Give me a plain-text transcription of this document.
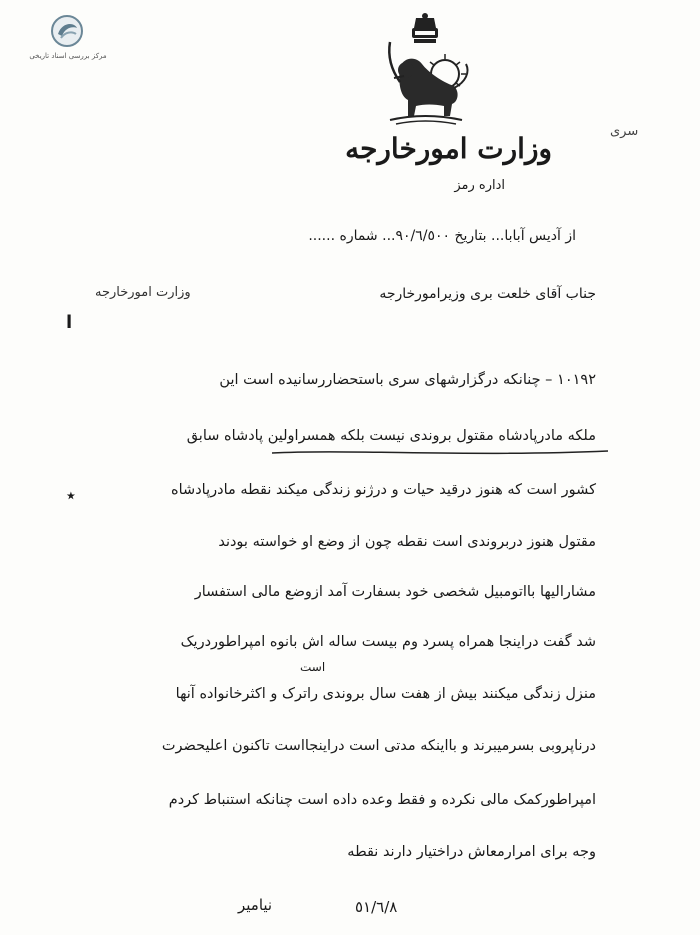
مرکز بررسی اسناد تاریخی
سری
وزارت امورخارجه
اداره رمز
از آدیس آبابا... بتاریخ ٩۰/٦/٥۰۰... شماره ......
وزارت امورخارجه	جناب آقای خلعت بری وزیرامورخارجه
ا
٭
١٠١٩٢ – چنانکه درگزارشهای سری باستحضاررسانیده است این
ملکه مادرپادشاه مقتول بروندی نیست بلکه همسراولین پادشاه سابق
کشور است که هنوز درقید حیات و درژنو زندگی میکند نقطه مادرپادشاه
مقتول هنوز دربروندی است نقطه چون از وضع او خواسته بودند
مشارالیها بااتومبیل شخصی خود بسفارت آمد ازوضع مالی استفسار
شد گفت دراینجا همراه پسرد وم بیست ساله اش بانوه امپراطوردریک
است
منزل زندگی میکنند بیش از هفت سال بروندی راترک و اکثرخانواده آنها
درناپروبی بسرمیبرند و بااینکه مدتی است دراینجااست تاکنون اعلیحضرت
امپراطورکمک مالی نکرده و فقط وعده داده است چنانکه استنباط کردم
وجه برای امرارمعاش دراختیار دارند نقطه
٥١/٦/٨
نیامیر
